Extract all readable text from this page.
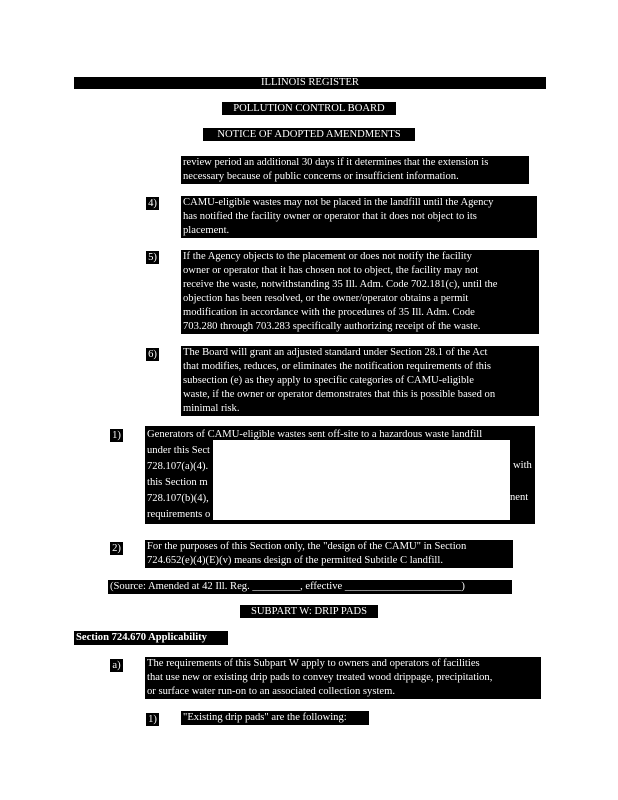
ILLINOIS REGISTER
POLLUTION CONTROL BOARD
NOTICE OF ADOPTED AMENDMENTS
review period an additional 30 days if it determines that the extension is
necessary because of public concerns or insufficient information.
4) CAMU-eligible wastes may not be placed in the landfill until the Agency
has notified the facility owner or operator that it does not object to its
placement.
5) If the Agency objects to the placement or does not notify the facility
owner or operator that it has chosen not to object, the facility may not
receive the waste, notwithstanding 35 Ill. Adm. Code 702.181(c), until the
objection has been resolved, or the owner/operator obtains a permit
modification in accordance with the procedures of 35 Ill. Adm. Code
703.280 through 703.283 specifically authorizing receipt of the waste.
6) The Board will grant an adjusted standard under Section 28.1 of the Act
that modifies, reduces, or eliminates the notification requirements of this
subsection (e) as they apply to specific categories of CAMU-eligible
waste, if the owner or operator demonstrates that this is possible based on
minimal risk.
1) Generators of CAMU-eligible wastes sent off-site to a hazardous waste landfill
under this Sect
728.107(a)(4).
this Section m
728.107(b)(4),
requirements o
with
nent
2) For the purposes of this Section only, the "design of the CAMU" in Section
724.652(e)(4)(E)(v) means design of the permitted Subtitle C landfill.
(Source: Amended at 42 Ill. Reg. _________, effective ______________________)
SUBPART W: DRIP PADS
Section 724.670 Applicability
a) The requirements of this Subpart W apply to owners and operators of facilities
that use new or existing drip pads to convey treated wood drippage, precipitation,
or surface water run-on to an associated collection system.
1) "Existing drip pads" are the following:
